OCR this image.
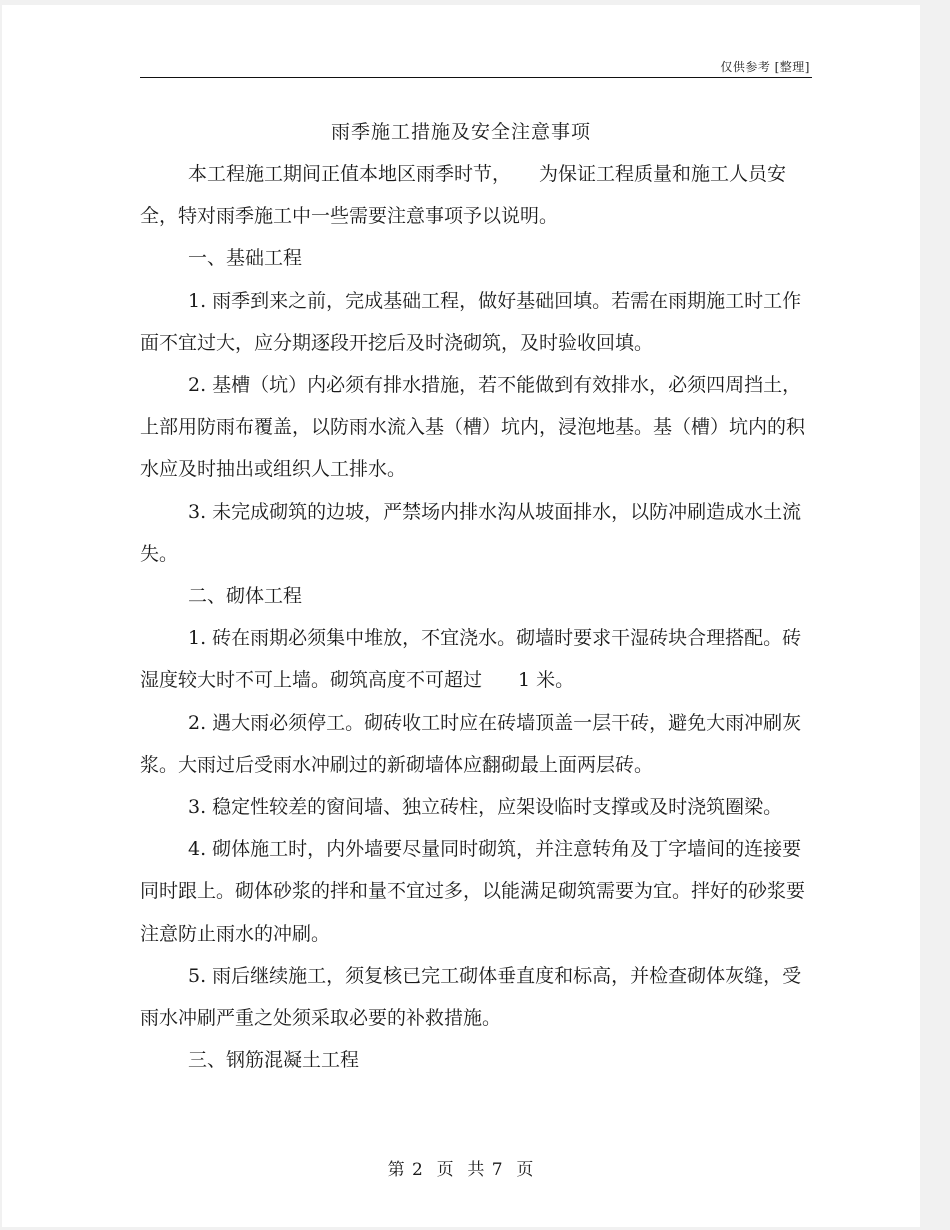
仅供参考 [整理]
雨季施工措施及安全注意事项

本工程施工期间正值本地区雨季时节， 为保证工程质量和施工人员安全，特对雨季施工中一些需要注意事项予以说明。

一、基础工程

1. 雨季到来之前，完成基础工程，做好基础回填。若需在雨期施工时工作面不宜过大，应分期逐段开挖后及时浇砌筑，及时验收回填。

2. 基槽（坑）内必须有排水措施，若不能做到有效排水，必须四周挡土，上部用防雨布覆盖，以防雨水流入基（槽）坑内，浸泡地基。基（槽）坑内的积水应及时抽出或组织人工排水。

3. 未完成砌筑的边坡，严禁场内排水沟从坡面排水，以防冲刷造成水土流失。

二、砌体工程

1. 砖在雨期必须集中堆放，不宜浇水。砌墙时要求干湿砖块合理搭配。砖湿度较大时不可上墙。砌筑高度不可超过 1 米。

2. 遇大雨必须停工。砌砖收工时应在砖墙顶盖一层干砖，避免大雨冲刷灰浆。大雨过后受雨水冲刷过的新砌墙体应翻砌最上面两层砖。

3. 稳定性较差的窗间墙、独立砖柱，应架设临时支撑或及时浇筑圈梁。

4. 砌体施工时，内外墙要尽量同时砌筑，并注意转角及丁字墙间的连接要同时跟上。砌体砂浆的拌和量不宜过多，以能满足砌筑需要为宜。拌好的砂浆要注意防止雨水的冲刷。

5. 雨后继续施工，须复核已完工砌体垂直度和标高，并检查砌体灰缝，受雨水冲刷严重之处须采取必要的补救措施。

三、钢筋混凝土工程

第 2  页  共 7  页
